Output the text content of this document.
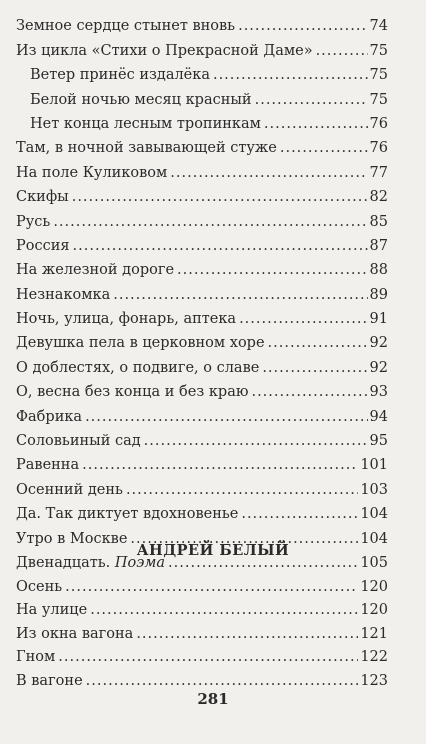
Земное сердце стынет вновь .....	74
Из цикла «Стихи о Прекрасной Даме» .....	75
Ветер принёс издалёка .....	75
Белой ночью месяц красный .....	75
Нет конца лесным тропинкам .....	76
Там, в ночной завывающей стуже .....	76
На поле Куликовом .....	77
Скифы .....	82
Русь .....	85
Россия .....	87
На железной дороге .....	88
Незнакомка .....	89
Ночь, улица, фонарь, аптека .....	91
Девушка пела в церковном хоре .....	92
О доблестях, о подвиге, о славе .....	92
О, весна без конца и без краю .....	93
Фабрика .....	94
Соловьиный сад .....	95
Равенна .....	101
Осенний день .....	103
Да. Так диктует вдохновенье .....	104
Утро в Москве .....	104
Двенадцать. Поэма .....	105
АНДРЕЙ БЕЛЫЙ
Осень .....	120
На улице .....	120
Из окна вагона .....	121
Гном .....	122
В вагоне .....	123
281
